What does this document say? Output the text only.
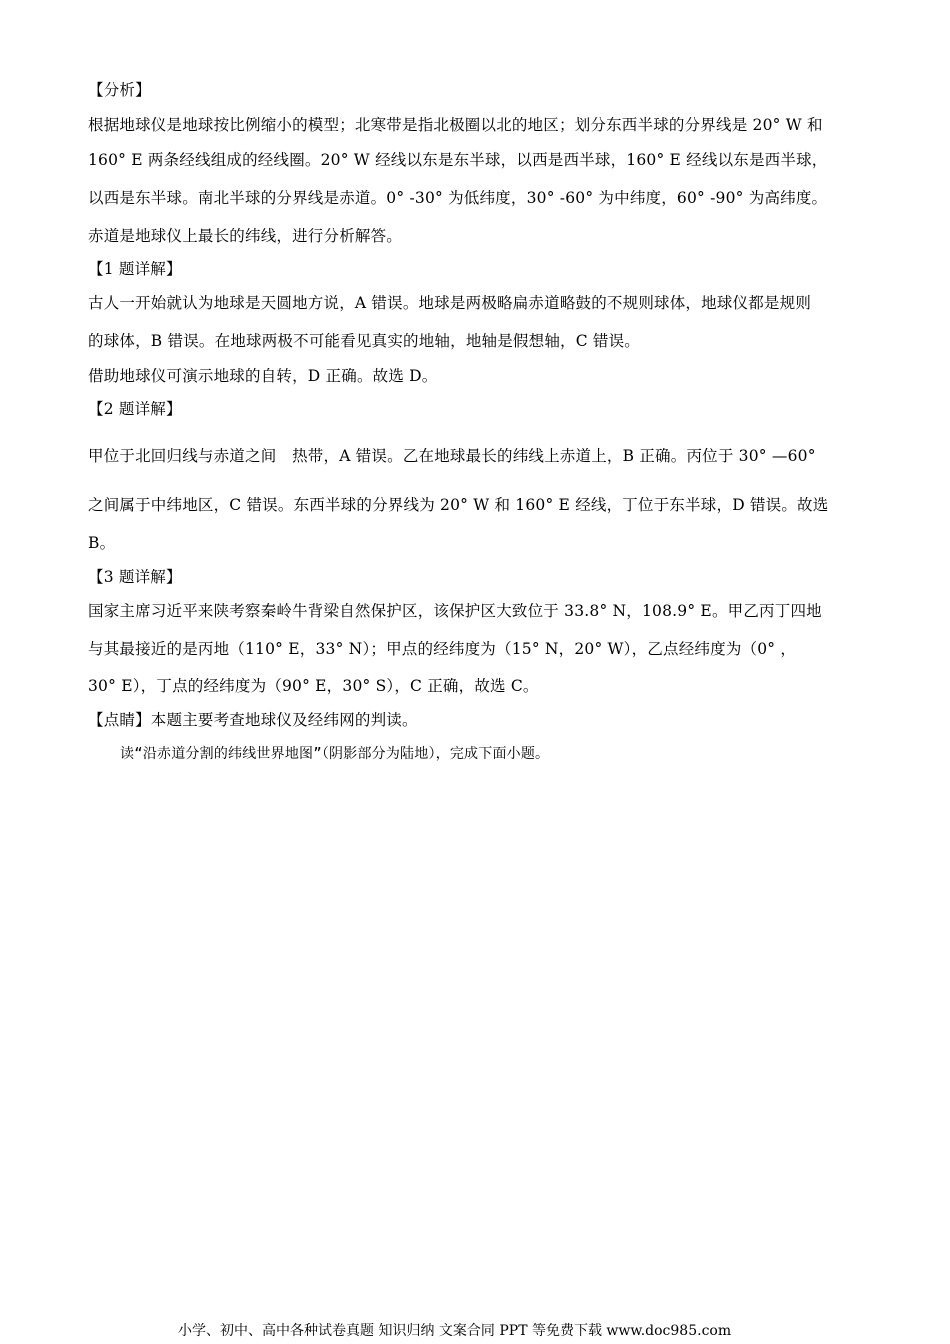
【分析】
根据地球仪是地球按比例缩小的模型；北寒带是指北极圈以北的地区；划分东西半球的分界线是 20° W 和
160° E 两条经线组成的经线圈。20° W 经线以东是东半球，以西是西半球，160° E 经线以东是西半球，
以西是东半球。南北半球的分界线是赤道。0° -30° 为低纬度，30° -60° 为中纬度，60° -90° 为高纬度。
赤道是地球仪上最长的纬线，进行分析解答。
【1 题详解】
古人一开始就认为地球是天圆地方说，A 错误。地球是两极略扁赤道略鼓的不规则球体，地球仪都是规则
的球体，B 错误。在地球两极不可能看见真实的地轴，地轴是假想轴，C 错误。
借助地球仪可演示地球的自转，D 正确。故选 D。
【2 题详解】
甲位于北回归线与赤道之间　热带，A 错误。乙在地球最长的纬线上赤道上，B 正确。丙位于 30° —60°
之间属于中纬地区，C 错误。东西半球的分界线为 20° W 和 160° E 经线，丁位于东半球，D 错误。故选
B。
【3 题详解】
国家主席习近平来陕考察秦岭牛背梁自然保护区，该保护区大致位于 33.8° N，108.9° E。甲乙丙丁四地
与其最接近的是丙地（110° E，33° N）；甲点的经纬度为（15° N，20° W），乙点经纬度为（0° ，
30° E），丁点的经纬度为（90° E，30° S），C 正确，故选 C。
【点睛】本题主要考查地球仪及经纬网的判读。
读“沿赤道分割的纬线世界地图”（阴影部分为陆地），完成下面小题。
小学、初中、高中各种试卷真题 知识归纳 文案合同 PPT 等免费下载 www.doc985.com
